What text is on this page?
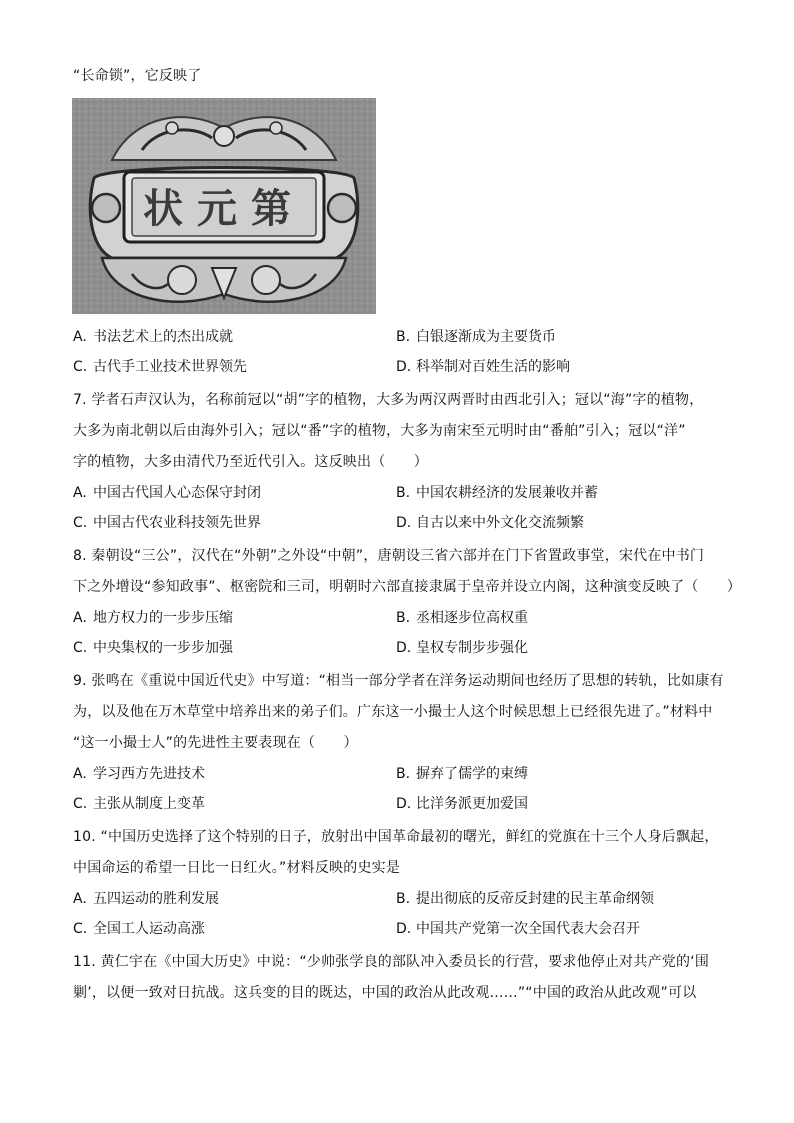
“长命锁”，它反映了
状元第
A. 书法艺术上的杰出成就	B. 白银逐渐成为主要货币
C. 古代手工业技术世界领先	D. 科举制对百姓生活的影响
7. 学者石声汉认为，名称前冠以“胡”字的植物，大多为两汉两晋时由西北引入；冠以“海”字的植物，
大多为南北朝以后由海外引入；冠以“番”字的植物，大多为南宋至元明时由“番舶”引入；冠以“洋”
字的植物，大多由清代乃至近代引入。这反映出（　　）
A. 中国古代国人心态保守封闭	B. 中国农耕经济的发展兼收并蓄
C. 中国古代农业科技领先世界	D. 自古以来中外文化交流频繁
8. 秦朝设“三公”，汉代在“外朝”之外设“中朝”，唐朝设三省六部并在门下省置政事堂，宋代在中书门
下之外增设“参知政事”、枢密院和三司，明朝时六部直接隶属于皇帝并设立内阁，这种演变反映了（　　）
A. 地方权力的一步步压缩	B. 丞相逐步位高权重
C. 中央集权的一步步加强	D. 皇权专制步步强化
9. 张鸣在《重说中国近代史》中写道：“相当一部分学者在洋务运动期间也经历了思想的转轨，比如康有
为，以及他在万木草堂中培养出来的弟子们。广东这一小撮士人这个时候思想上已经很先进了。”材料中
“这一小撮士人”的先进性主要表现在（　　）
A. 学习西方先进技术	B. 摒弃了儒学的束缚
C. 主张从制度上变革	D. 比洋务派更加爱国
10. “中国历史选择了这个特别的日子，放射出中国革命最初的曙光，鲜红的党旗在十三个人身后飘起，
中国命运的希望一日比一日红火。”材料反映的史实是
A. 五四运动的胜利发展	B. 提出彻底的反帝反封建的民主革命纲领
C. 全国工人运动高涨	D. 中国共产党第一次全国代表大会召开
11. 黄仁宇在《中国大历史》中说：“少帅张学良的部队冲入委员长的行营，要求他停止对共产党的‘围
剿’，以便一致对日抗战。这兵变的目的既达，中国的政治从此改观……”“中国的政治从此改观”可以
